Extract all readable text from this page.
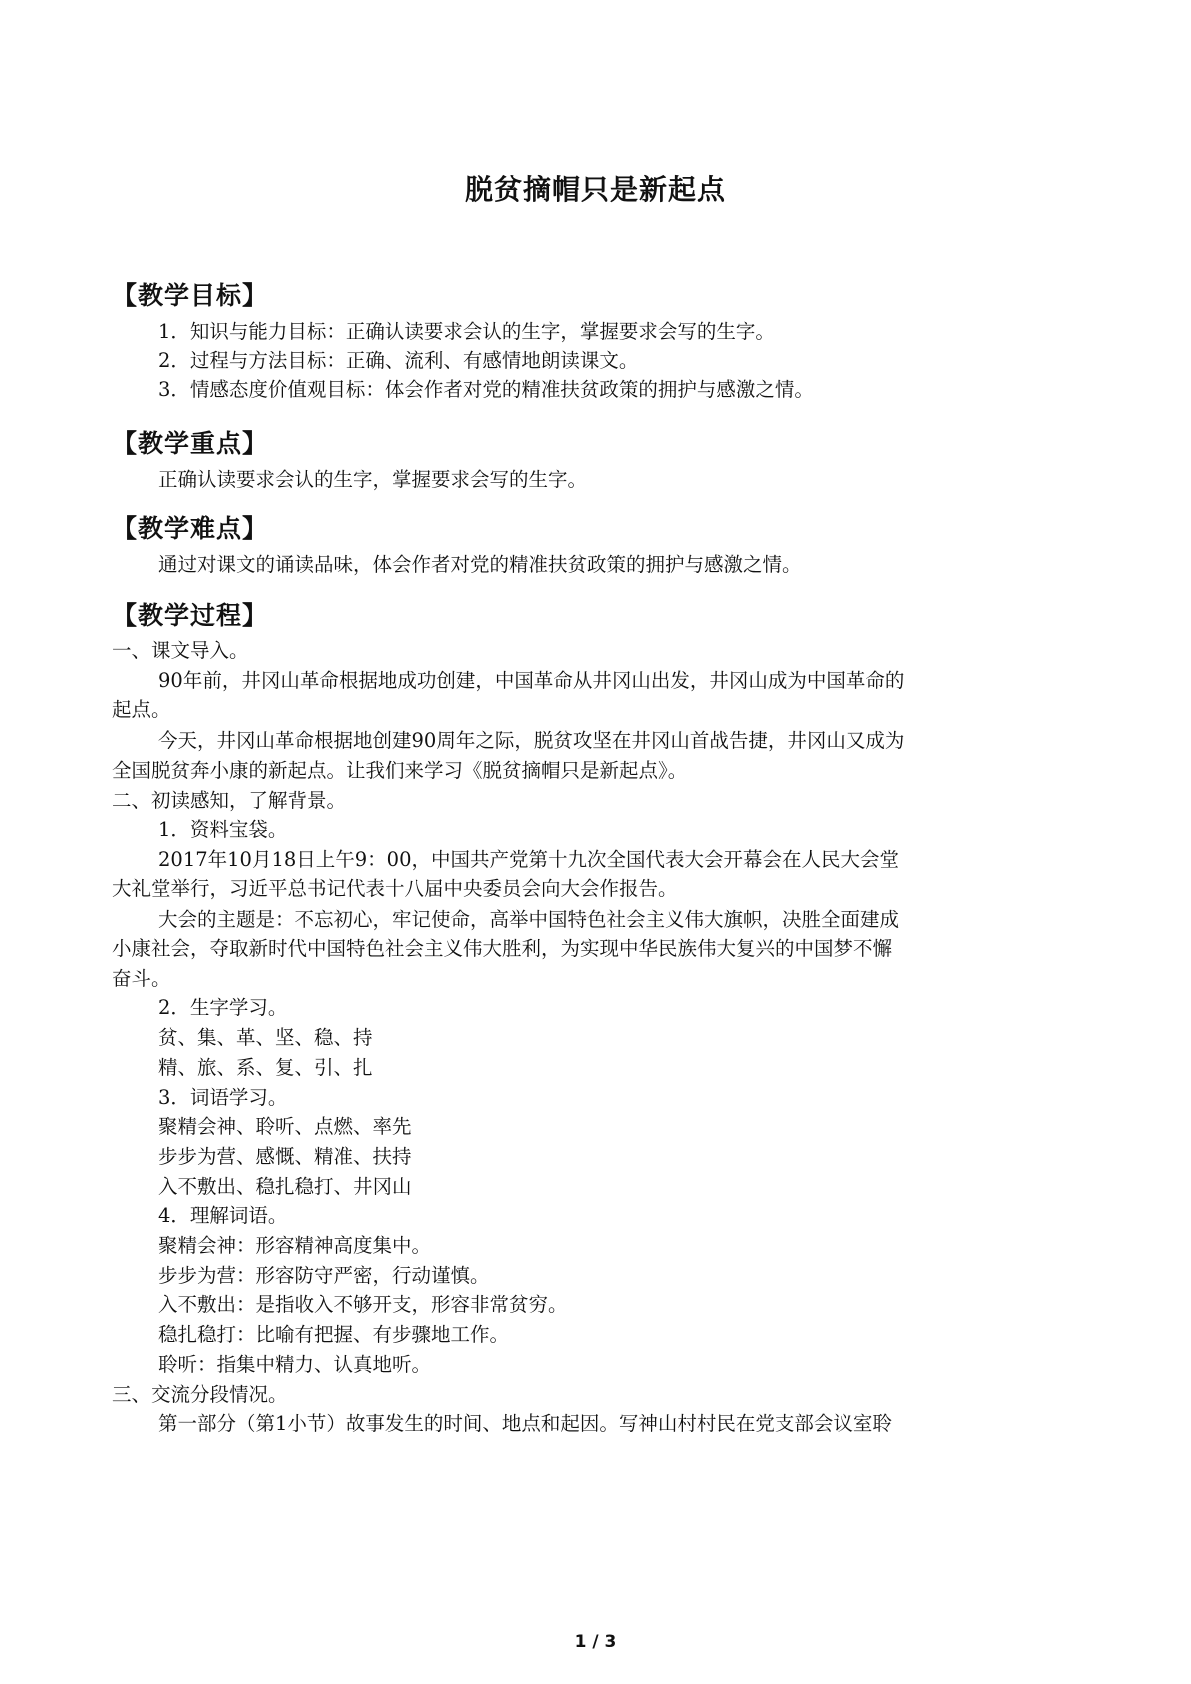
脱贫摘帽只是新起点
【教学目标】
1．知识与能力目标：正确认读要求会认的生字，掌握要求会写的生字。
2．过程与方法目标：正确、流利、有感情地朗读课文。
3．情感态度价值观目标：体会作者对党的精准扶贫政策的拥护与感激之情。
【教学重点】
正确认读要求会认的生字，掌握要求会写的生字。
【教学难点】
通过对课文的诵读品味，体会作者对党的精准扶贫政策的拥护与感激之情。
【教学过程】
一、课文导入。
90年前，井冈山革命根据地成功创建，中国革命从井冈山出发，井冈山成为中国革命的
起点。
今天，井冈山革命根据地创建90周年之际，脱贫攻坚在井冈山首战告捷，井冈山又成为
全国脱贫奔小康的新起点。让我们来学习《脱贫摘帽只是新起点》。
二、初读感知，了解背景。
1．资料宝袋。
2017年10月18日上午9：00，中国共产党第十九次全国代表大会开幕会在人民大会堂
大礼堂举行，习近平总书记代表十八届中央委员会向大会作报告。
大会的主题是：不忘初心，牢记使命，高举中国特色社会主义伟大旗帜，决胜全面建成
小康社会，夺取新时代中国特色社会主义伟大胜利，为实现中华民族伟大复兴的中国梦不懈
奋斗。
2．生字学习。
贫、集、革、坚、稳、持
精、旅、系、复、引、扎
3．词语学习。
聚精会神、聆听、点燃、率先
步步为营、感慨、精准、扶持
入不敷出、稳扎稳打、井冈山
4．理解词语。
聚精会神：形容精神高度集中。
步步为营：形容防守严密，行动谨慎。
入不敷出：是指收入不够开支，形容非常贫穷。
稳扎稳打：比喻有把握、有步骤地工作。
聆听：指集中精力、认真地听。
三、交流分段情况。
第一部分（第1小节）故事发生的时间、地点和起因。写神山村村民在党支部会议室聆
1 / 3
